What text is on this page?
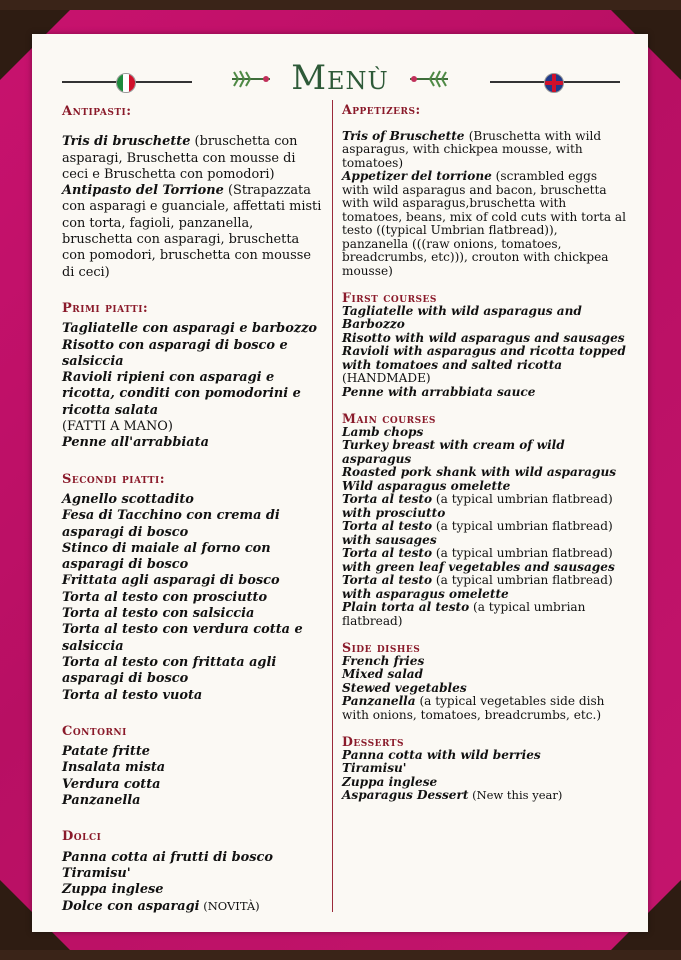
Menù
Antipasti:
Tris di bruschette (bruschetta con asparagi, Bruschetta con mousse di ceci e Bruschetta con pomodori)
Antipasto del Torrione (Strapazzata con asparagi e guanciale, affettati misti con torta, fagioli, panzanella, bruschetta con asparagi, bruschetta con pomodori, bruschetta con mousse di ceci)
Primi piatti:
Tagliatelle con asparagi e barbozzo
Risotto con asparagi di bosco e salsiccia
Ravioli ripieni con asparagi e ricotta, conditi con pomodorini e ricotta salata
(FATTI A MANO)
Penne all'arrabbiata
Secondi piatti:
Agnello scottadito
Fesa di Tacchino con crema di asparagi di bosco
Stinco di maiale al forno con asparagi di bosco
Frittata agli asparagi di bosco
Torta al testo con prosciutto
Torta al testo con salsiccia
Torta al testo con verdura cotta e salsiccia
Torta al testo con frittata agli asparagi di bosco
Torta al testo vuota
Contorni
Patate fritte
Insalata mista
Verdura cotta
Panzanella
Dolci
Panna cotta ai frutti di bosco
Tiramisu'
Zuppa inglese
Dolce con asparagi (NOVITÀ)
Appetizers:
Tris of Bruschette (Bruschetta with wild asparagus, with chickpea mousse, with tomatoes)
Appetizer del torrione (scrambled eggs with wild asparagus and bacon, bruschetta with wild asparagus,bruschetta with tomatoes, beans, mix of cold cuts with torta al testo ((typical Umbrian flatbread)), panzanella (((raw onions, tomatoes, breadcrumbs, etc))), crouton with chickpea mousse)
First courses
Tagliatelle with wild asparagus and Barbozzo
Risotto with wild asparagus and sausages
Ravioli with asparagus and ricotta topped with tomatoes and salted ricotta
(HANDMADE)
Penne with arrabbiata sauce
Main courses
Lamb chops
Turkey breast with cream of wild asparagus
Roasted pork shank with wild asparagus
Wild asparagus omelette
Torta al testo (a typical umbrian flatbread) with prosciutto
Torta al testo (a typical umbrian flatbread) with sausages
Torta al testo (a typical umbrian flatbread) with green leaf vegetables and sausages
Torta al testo (a typical umbrian flatbread) with asparagus omelette
Plain torta al testo (a typical umbrian flatbread)
Side dishes
French fries
Mixed salad
Stewed vegetables
Panzanella (a typical vegetables side dish with onions, tomatoes, breadcrumbs, etc.)
Desserts
Panna cotta with wild berries
Tiramisu'
Zuppa inglese
Asparagus Dessert (New this year)
